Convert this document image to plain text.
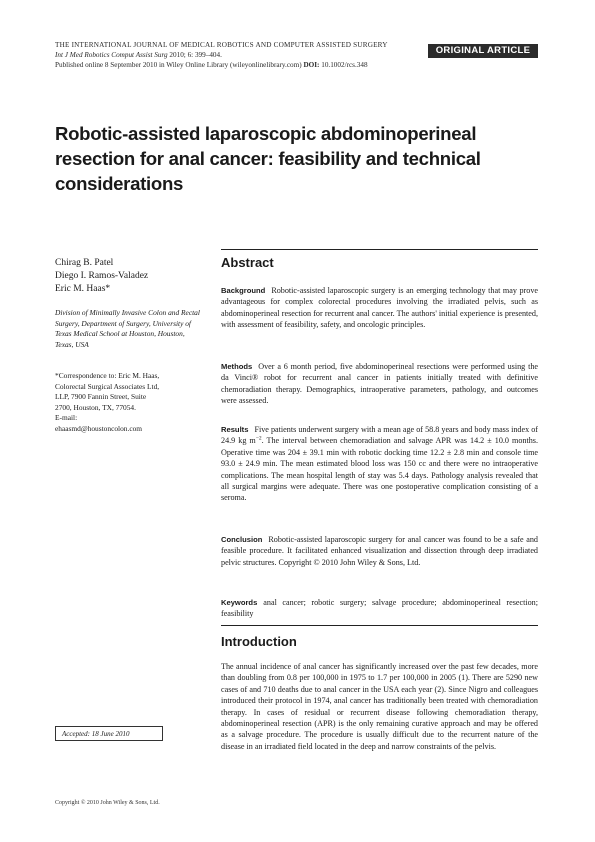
THE INTERNATIONAL JOURNAL OF MEDICAL ROBOTICS AND COMPUTER ASSISTED SURGERY
Int J Med Robotics Comput Assist Surg 2010; 6: 399–404.
Published online 8 September 2010 in Wiley Online Library (wileyonlinelibrary.com) DOI: 10.1002/rcs.348
ORIGINAL ARTICLE
Robotic-assisted laparoscopic abdominoperineal resection for anal cancer: feasibility and technical considerations
Chirag B. Patel
Diego I. Ramos-Valadez
Eric M. Haas*
Division of Minimally Invasive Colon and Rectal Surgery, Department of Surgery, University of Texas Medical School at Houston, Houston, Texas, USA
*Correspondence to: Eric M. Haas,
Colorectal Surgical Associates Ltd,
LLP, 7900 Fannin Street, Suite
2700, Houston, TX, 77054.
E-mail:
ehaasmd@houstoncolon.com
Accepted: 18 June 2010
Copyright © 2010 John Wiley & Sons, Ltd.
Abstract
Background Robotic-assisted laparoscopic surgery is an emerging technology that may prove advantageous for complex colorectal procedures involving the irradiated pelvis, such as abdominoperineal resection for recurrent anal cancer. The authors' initial experience is presented, with assessment of feasibility, safety, and oncologic principles.
Methods Over a 6 month period, five abdominoperineal resections were performed using the da Vinci® robot for recurrent anal cancer in patients initially treated with definitive chemoradiation therapy. Demographics, intraoperative parameters, pathology, and outcomes were assessed.
Results Five patients underwent surgery with a mean age of 58.8 years and body mass index of 24.9 kg $m^{-2}$. The interval between chemoradiation and salvage APR was 14.2 ± 10.0 months. Operative time was 204 ± 39.1 min with robotic docking time 12.2 ± 2.8 min and console time 93.0 ± 24.9 min. The mean estimated blood loss was 150 cc and there were no intraoperative complications. The mean hospital length of stay was 5.4 days. Pathology analysis revealed that all surgical margins were adequate. There was one postoperative complication consisting of a seroma.
Conclusion Robotic-assisted laparoscopic surgery for anal cancer was found to be a safe and feasible procedure. It facilitated enhanced visualization and dissection through deep irradiated pelvic structures. Copyright © 2010 John Wiley & Sons, Ltd.
Keywords anal cancer; robotic surgery; salvage procedure; abdominoperineal resection; feasibility
Introduction
The annual incidence of anal cancer has significantly increased over the past few decades, more than doubling from 0.8 per 100,000 in 1975 to 1.7 per 100,000 in 2005 (1). There are 5290 new cases of and 710 deaths due to anal cancer in the USA each year (2). Since Nigro and colleagues introduced their protocol in 1974, anal cancer has traditionally been treated with chemoradiation therapy. In cases of residual or recurrent disease following chemoradiation therapy, abdominoperineal resection (APR) is the only remaining curative approach and may be offered as a salvage procedure. The procedure is usually difficult due to the recurrent nature of the disease in an irradiated field located in the deep and narrow constraints of the pelvis.
